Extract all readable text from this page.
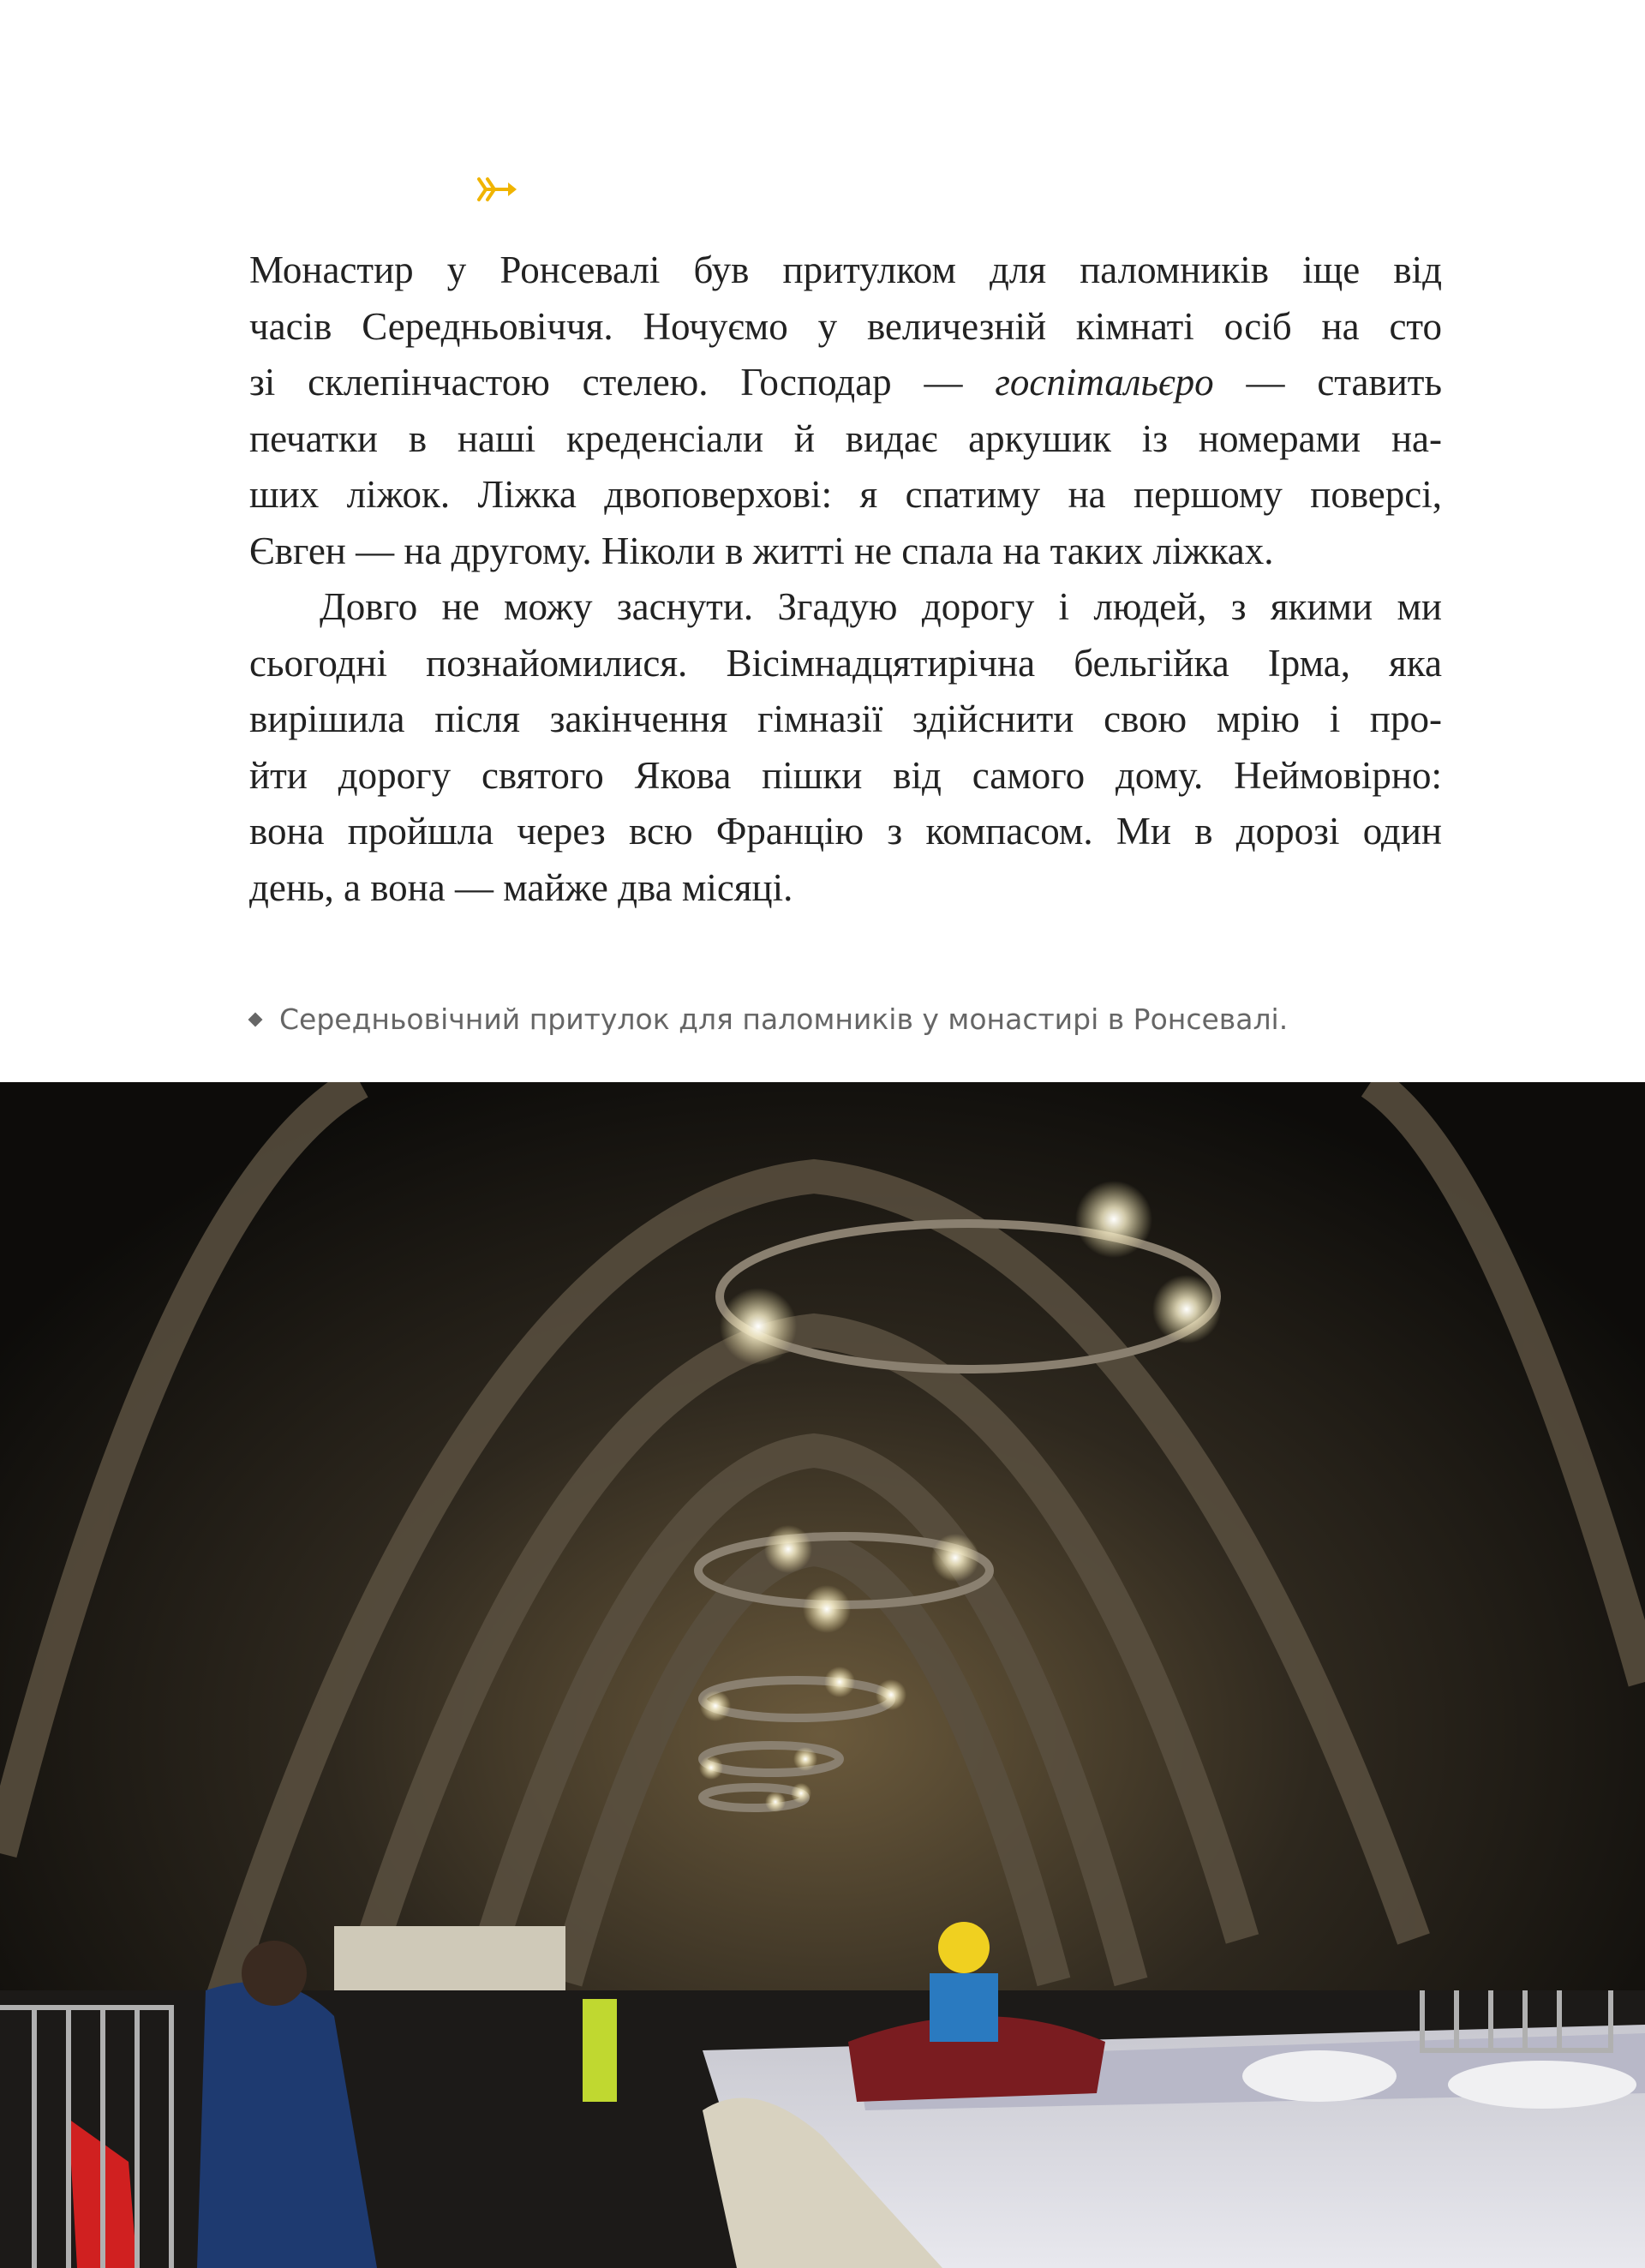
Монастир у Ронсевалі був притулком для паломників іще від
часів Середньовіччя. Ночуємо у величезній кімнаті осіб на сто
зі склепінчастою стелею. Господар — госпітальєро — ставить
печатки в наші креденсіали й видає аркушик із номерами на-
ших ліжок. Ліжка двоповерхові: я спатиму на першому поверсі,
Євген — на другому. Ніколи в житті не спала на таких ліжках.
Довго не можу заснути. Згадую дорогу і людей, з якими ми
сьогодні познайомилися. Вісімнадцятирічна бельгійка Ірма, яка
вирішила після закінчення гімназії здійснити свою мрію і про-
йти дорогу святого Якова пішки від самого дому. Неймовірно:
вона пройшла через всю Францію з компасом. Ми в дорозі один
день, а вона — майже два місяці.
Середньовічний притулок для паломників у монастирі в Ронсевалі.
